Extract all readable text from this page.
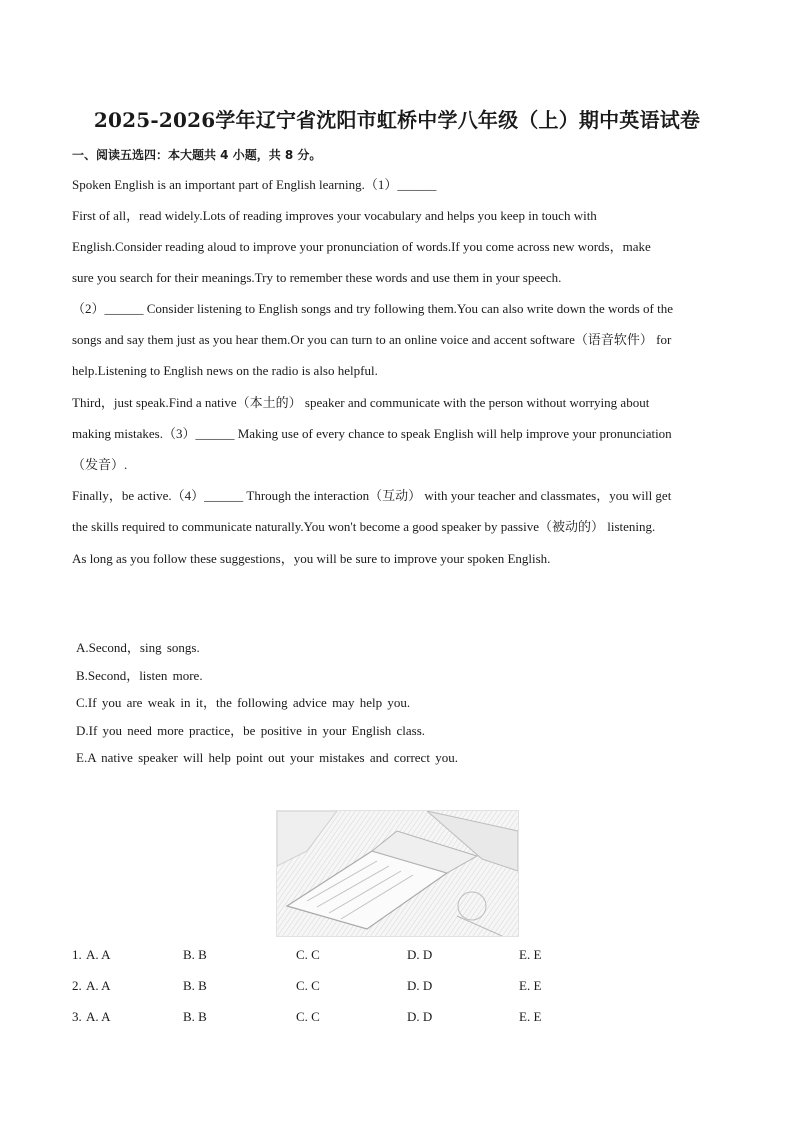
2025-2026学年辽宁省沈阳市虹桥中学八年级（上）期中英语试卷
一、阅读五选四：本大题共 4 小题，共 8 分。
Spoken English is an important part of English learning.（1）______
First of all，read widely.Lots of reading improves your vocabulary and helps you keep in touch with
English.Consider reading aloud to improve your pronunciation of words.If you come across new words，make
sure you search for their meanings.Try to remember these words and use them in your speech.
（2）______ Consider listening to English songs and try following them.You can also write down the words of the
songs and say them just as you hear them.Or you can turn to an online voice and accent software（语音软件） for
help.Listening to English news on the radio is also helpful.
Third，just speak.Find a native（本土的） speaker and communicate with the person without worrying about
making mistakes.（3）______ Making use of every chance to speak English will help improve your pronunciation
（发音）.
Finally，be active.（4）______ Through the interaction（互动） with your teacher and classmates，you will get
the skills required to communicate naturally.You won't become a good speaker by passive（被动的） listening.
As long as you follow these suggestions，you will be sure to improve your spoken English.
A.Second，sing songs.
B.Second，listen more.
C.If you are weak in it，the following advice may help you.
D.If you need more practice，be positive in your English class.
E.A native speaker will help point out your mistakes and correct you.
1. A. A	B. B	C. C	D. D	E. E
2. A. A	B. B	C. C	D. D	E. E
3. A. A	B. B	C. C	D. D	E. E
